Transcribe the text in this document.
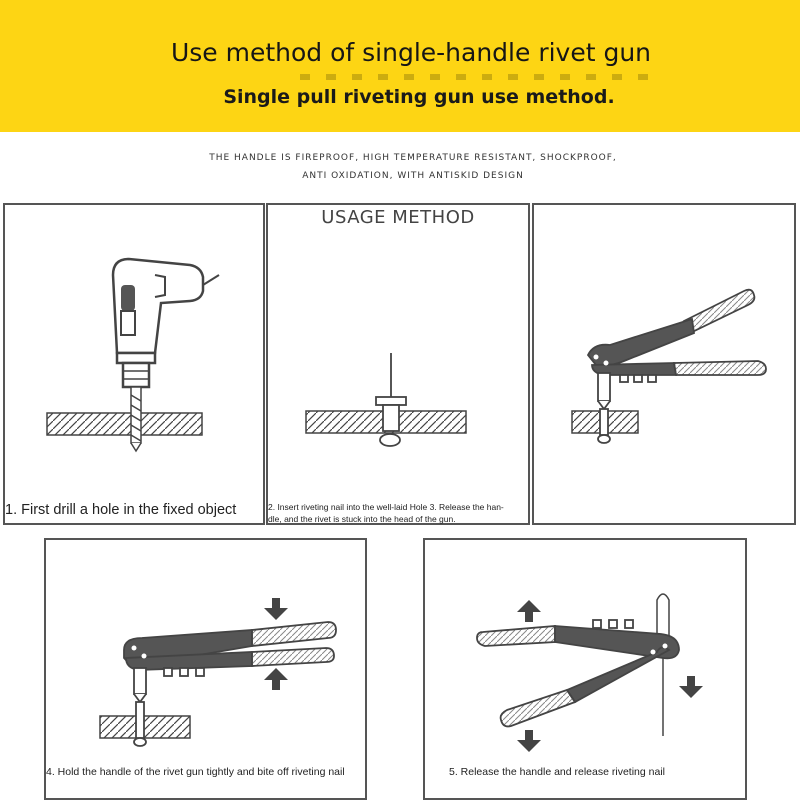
Use method of single-handle rivet gun
Single pull riveting gun use method.
THE HANDLE IS FIREPROOF, HIGH TEMPERATURE RESISTANT, SHOCKPROOF,
ANTI OXIDATION, WITH ANTISKID DESIGN
1. First drill a hole in the fixed object
USAGE METHOD
2. Insert riveting nail into the well-laid Hole 3. Release the han-
dle, and the rivet is stuck into the head of the gun.
4. Hold the handle of the rivet gun tightly and bite off riveting nail	5. Release the handle and release riveting nail
